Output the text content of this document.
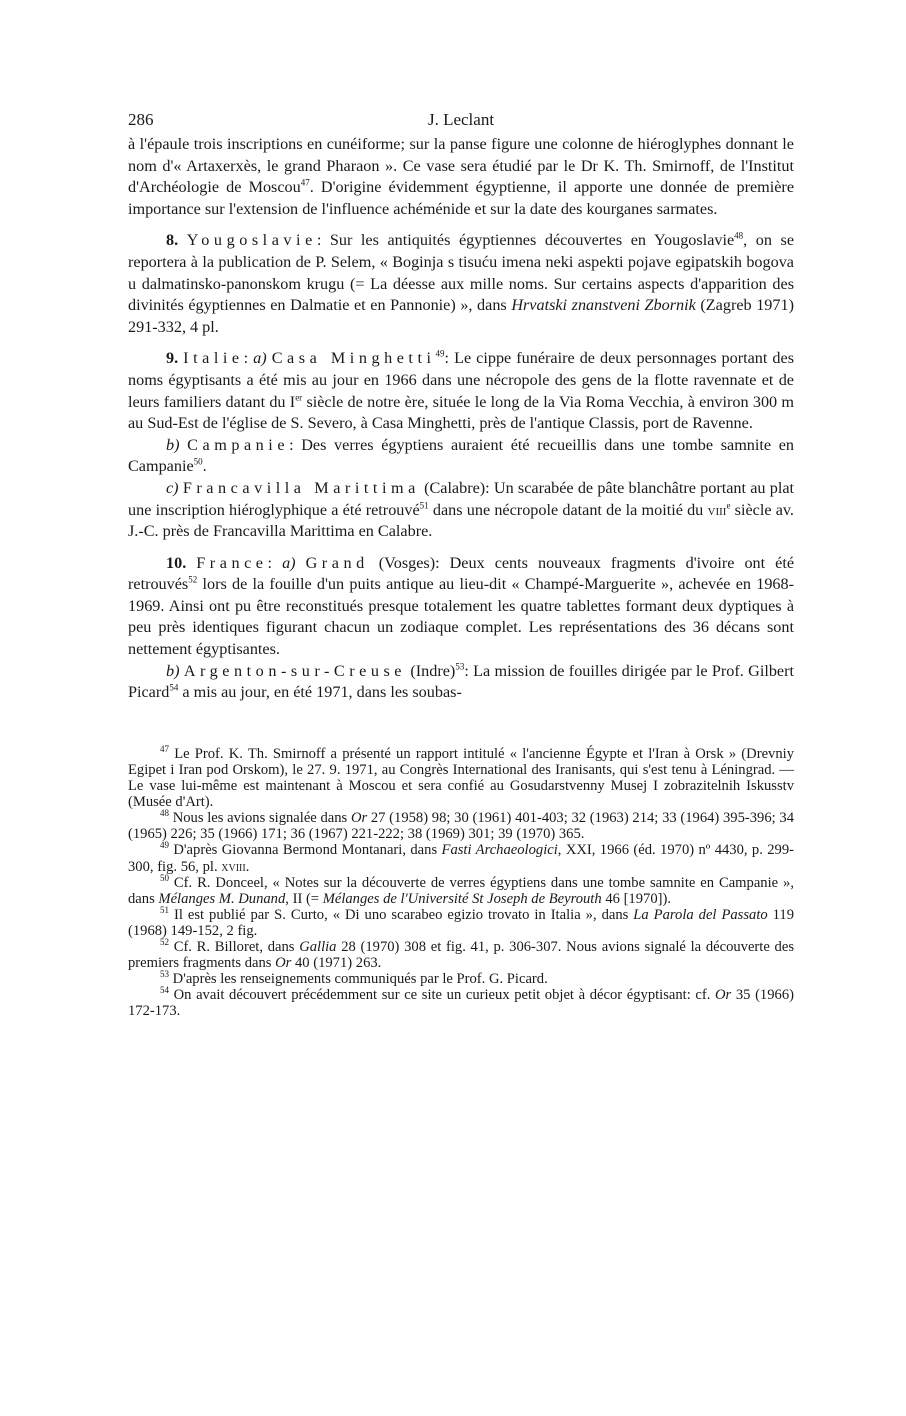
286	J. Leclant

à l'épaule trois inscriptions en cunéiforme; sur la panse figure une colonne de hiéroglyphes donnant le nom d'« Artaxerxès, le grand Pharaon ». Ce vase sera étudié par le Dr K. Th. Smirnoff, de l'Institut d'Archéologie de Moscou$^{47}$. D'origine évidemment égyptienne, il apporte une donnée de première importance sur l'extension de l'influence achéménide et sur la date des kourganes sarmates.

8. Yougoslavie: Sur les antiquités égyptiennes découvertes en Yougoslavie$^{48}$, on se reportera à la publication de P. Selem, « Boginja s tisuću imena neki aspekti pojave egipatskih bogova u dalmatinsko-panonskom krugu (= La déesse aux mille noms. Sur certains aspects d'apparition des divinités égyptiennes en Dalmatie et en Pannonie) », dans Hrvatski znanstveni Zbornik (Zagreb 1971) 291-332, 4 pl.

9. Italie: a) Casa Minghetti$^{49}$: Le cippe funéraire de deux personnages portant des noms égyptisants a été mis au jour en 1966 dans une nécropole des gens de la flotte ravennate et de leurs familiers datant du Ier siècle de notre ère, située le long de la Via Roma Vecchia, à environ 300 m au Sud-Est de l'église de S. Severo, à Casa Minghetti, près de l'antique Classis, port de Ravenne.

b) Campanie: Des verres égyptiens auraient été recueillis dans une tombe samnite en Campanie$^{50}$.

c) Francavilla Marittima (Calabre): Un scarabée de pâte blanchâtre portant au plat une inscription hiéroglyphique a été retrouvé$^{51}$ dans une nécropole datant de la moitié du viii$^e$ siècle av. J.-C. près de Francavilla Marittima en Calabre.

10. France: a) Grand (Vosges): Deux cents nouveaux fragments d'ivoire ont été retrouvés$^{52}$ lors de la fouille d'un puits antique au lieu-dit « Champé-Marguerite », achevée en 1968-1969. Ainsi ont pu être reconstitués presque totalement les quatre tablettes formant deux dyptiques à peu près identiques figurant chacun un zodiaque complet. Les représentations des 36 décans sont nettement égyptisantes.

b) Argenton-sur-Creuse (Indre)$^{53}$: La mission de fouilles dirigée par le Prof. Gilbert Picard$^{54}$ a mis au jour, en été 1971, dans les soubas-

$^{47}$ Le Prof. K. Th. Smirnoff a présenté un rapport intitulé « l'ancienne Égypte et l'Iran à Orsk » (Drevniy Egipet i Iran pod Orskom), le 27. 9. 1971, au Congrès International des Iranisants, qui s'est tenu à Léningrad. — Le vase lui-même est maintenant à Moscou et sera confié au Gosudarstvenny Musej I zobrazitelnih Iskusstv (Musée d'Art).

$^{48}$ Nous les avions signalée dans Or 27 (1958) 98; 30 (1961) 401-403; 32 (1963) 214; 33 (1964) 395-396; 34 (1965) 226; 35 (1966) 171; 36 (1967) 221-222; 38 (1969) 301; 39 (1970) 365.

$^{49}$ D'après Giovanna Bermond Montanari, dans Fasti Archaeologici, XXI, 1966 (éd. 1970) nº 4430, p. 299-300, fig. 56, pl. xviii.

$^{50}$ Cf. R. Donceel, « Notes sur la découverte de verres égyptiens dans une tombe samnite en Campanie », dans Mélanges M. Dunand, II (= Mélanges de l'Université St Joseph de Beyrouth 46 [1970]).

$^{51}$ Il est publié par S. Curto, « Di uno scarabeo egizio trovato in Italia », dans La Parola del Passato 119 (1968) 149-152, 2 fig.

$^{52}$ Cf. R. Billoret, dans Gallia 28 (1970) 308 et fig. 41, p. 306-307. Nous avions signalé la découverte des premiers fragments dans Or 40 (1971) 263.

$^{53}$ D'après les renseignements communiqués par le Prof. G. Picard.

$^{54}$ On avait découvert précédemment sur ce site un curieux petit objet à décor égyptisant: cf. Or 35 (1966) 172-173.
